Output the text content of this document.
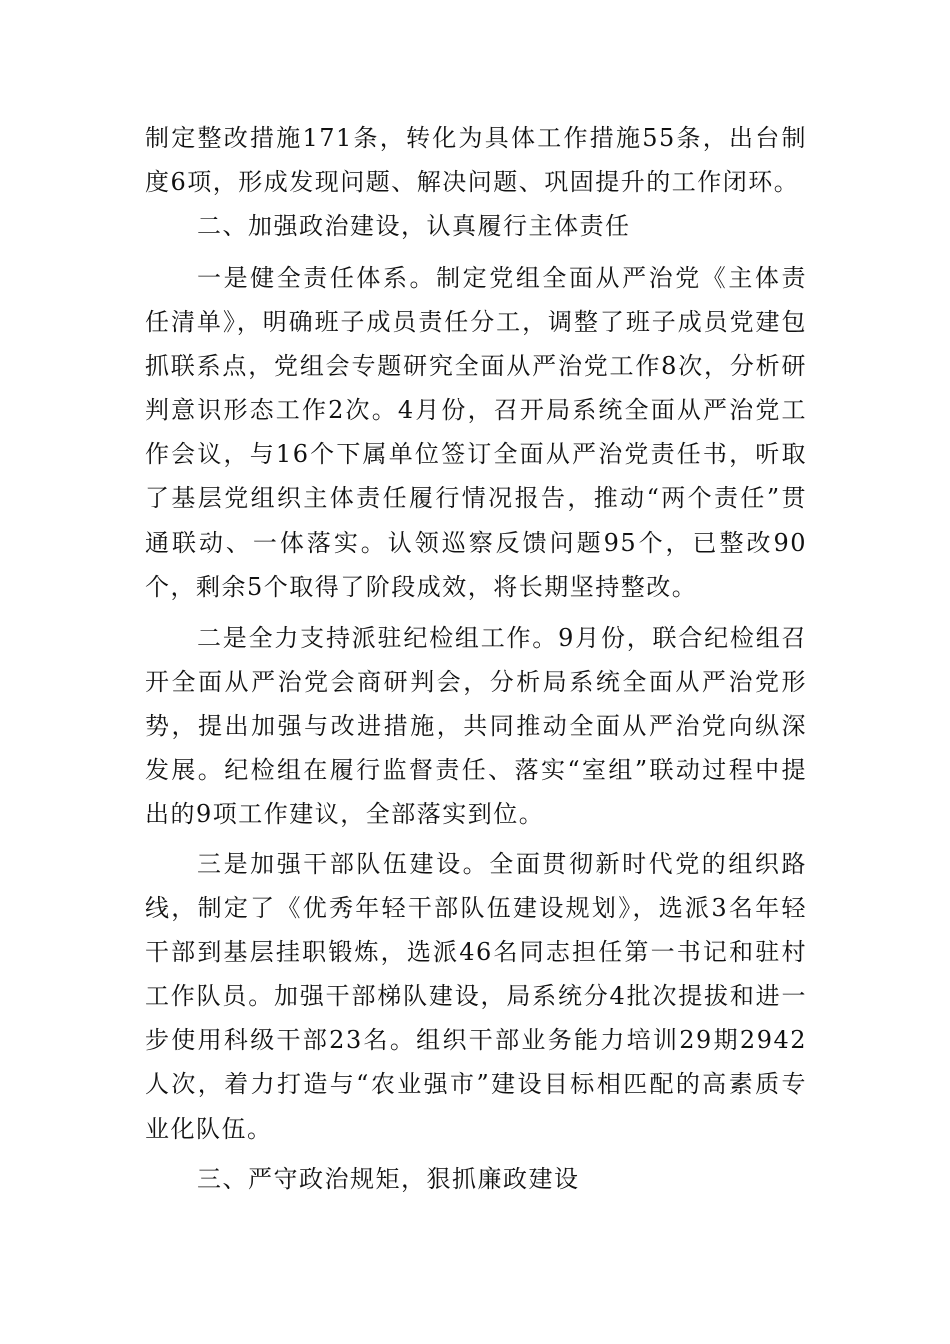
制定整改措施171条，转化为具体工作措施55条，出台制度6项，形成发现问题、解决问题、巩固提升的工作闭环。

二、加强政治建设，认真履行主体责任

一是健全责任体系。制定党组全面从严治党《主体责任清单》，明确班子成员责任分工，调整了班子成员党建包抓联系点，党组会专题研究全面从严治党工作8次，分析研判意识形态工作2次。4月份，召开局系统全面从严治党工作会议，与16个下属单位签订全面从严治党责任书，听取了基层党组织主体责任履行情况报告，推动“两个责任”贯通联动、一体落实。认领巡察反馈问题95个，已整改90个，剩余5个取得了阶段成效，将长期坚持整改。

二是全力支持派驻纪检组工作。9月份，联合纪检组召开全面从严治党会商研判会，分析局系统全面从严治党形势，提出加强与改进措施，共同推动全面从严治党向纵深发展。纪检组在履行监督责任、落实“室组”联动过程中提出的9项工作建议，全部落实到位。

三是加强干部队伍建设。全面贯彻新时代党的组织路线，制定了《优秀年轻干部队伍建设规划》，选派3名年轻干部到基层挂职锻炼，选派46名同志担任第一书记和驻村工作队员。加强干部梯队建设，局系统分4批次提拔和进一步使用科级干部23名。组织干部业务能力培训29期2942人次，着力打造与“农业强市”建设目标相匹配的高素质专业化队伍。

三、严守政治规矩，狠抓廉政建设
